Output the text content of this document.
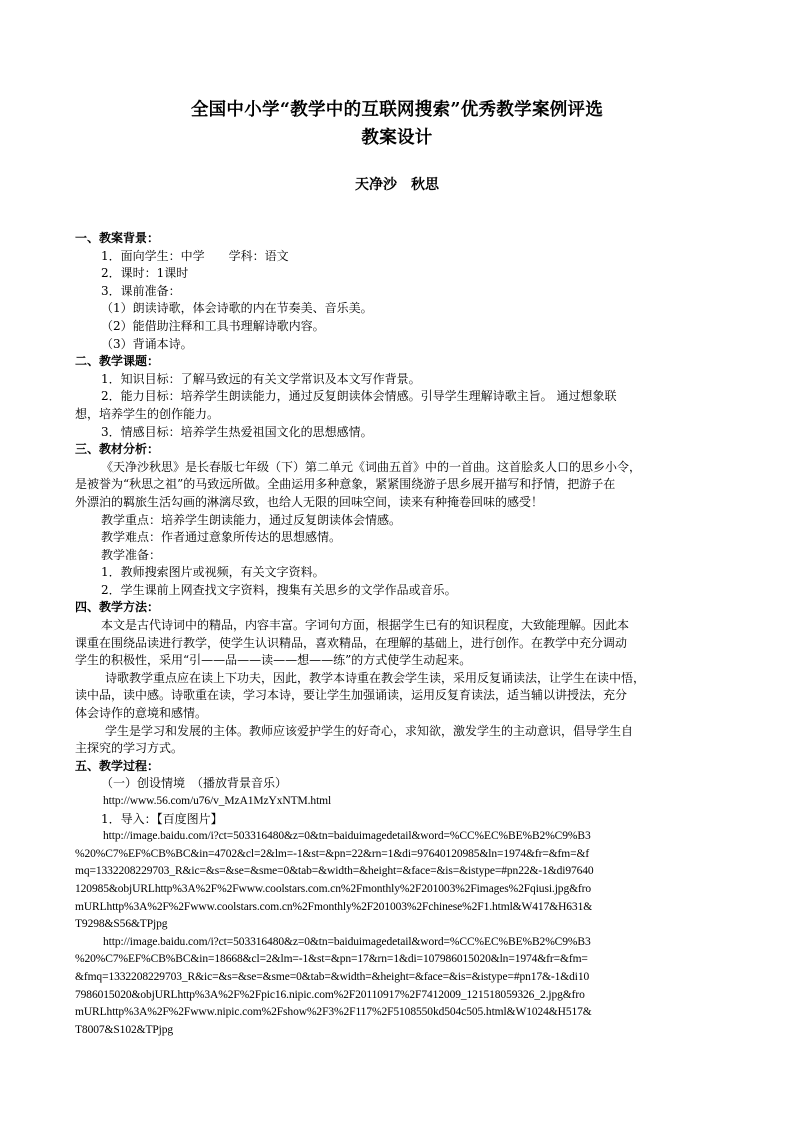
全国中小学“教学中的互联网搜索”优秀教学案例评选
教案设计
天净沙　秋思
一、教案背景：
1．面向学生：中学　　学科：语文
2．课时：1课时
3．课前准备：
（1）朗读诗歌，体会诗歌的内在节奏美、音乐美。
（2）能借助注释和工具书理解诗歌内容。
（3）背诵本诗。
二、教学课题：
1．知识目标：了解马致远的有关文学常识及本文写作背景。
2．能力目标：培养学生朗读能力，通过反复朗读体会情感。引导学生理解诗歌主旨。 通过想象联
想，培养学生的创作能力。
3．情感目标：培养学生热爱祖国文化的思想感情。
三、教材分析：
《天净沙秋思》是长春版七年级（下）第二单元《词曲五首》中的一首曲。这首脍炙人口的思乡小令，
是被誉为“秋思之祖”的马致远所做。全曲运用多种意象，紧紧围绕游子思乡展开描写和抒情，把游子在
外漂泊的羁旅生活勾画的淋漓尽致，也给人无限的回味空间，读来有种掩卷回味的感受！
教学重点：培养学生朗读能力，通过反复朗读体会情感。
教学难点：作者通过意象所传达的思想感情。
教学准备：
1．教师搜索图片或视频，有关文字资料。
2．学生课前上网查找文字资料，搜集有关思乡的文学作品或音乐。
四、教学方法：
本文是古代诗词中的精品，内容丰富。字词句方面，根据学生已有的知识程度，大致能理解。因此本
课重在围绕品读进行教学，使学生认识精品，喜欢精品，在理解的基础上，进行创作。在教学中充分调动
学生的积极性，采用“引——品——读——想——练”的方式使学生动起来。
诗歌教学重点应在读上下功夫，因此，教学本诗重在教会学生读，采用反复诵读法，让学生在读中悟，
读中品，读中感。诗歌重在读，学习本诗，要让学生加强诵读，运用反复育读法，适当辅以讲授法，充分
体会诗作的意境和感情。
学生是学习和发展的主体。教师应该爱护学生的好奇心，求知欲，激发学生的主动意识，倡导学生自
主探究的学习方式。
五、教学过程：
（一）创设情境　（播放背景音乐）
http://www.56.com/u76/v_MzA1MzYxNTM.html
1．导入：【百度图片】
http://image.baidu.com/i?ct=503316480&z=0&tn=baiduimagedetail&word=%CC%EC%BE%B2%C9%B3
%20%C7%EF%CB%BC&in=4702&cl=2&lm=-1&st=&pn=22&rn=1&di=97640120985&ln=1974&fr=&fm=&f
mq=1332208229703_R&ic=&s=&se=&sme=0&tab=&width=&height=&face=&is=&istype=#pn22&-1&di97640
120985&objURLhttp%3A%2F%2Fwww.coolstars.com.cn%2Fmonthly%2F201003%2Fimages%2Fqiusi.jpg&fro
mURLhttp%3A%2F%2Fwww.coolstars.com.cn%2Fmonthly%2F201003%2Fchinese%2F1.html&W417&H631&
T9298&S56&TPjpg
http://image.baidu.com/i?ct=503316480&z=0&tn=baiduimagedetail&word=%CC%EC%BE%B2%C9%B3
%20%C7%EF%CB%BC&in=18668&cl=2&lm=-1&st=&pn=17&rn=1&di=107986015020&ln=1974&fr=&fm=
&fmq=1332208229703_R&ic=&s=&se=&sme=0&tab=&width=&height=&face=&is=&istype=#pn17&-1&di10
7986015020&objURLhttp%3A%2F%2Fpic16.nipic.com%2F20110917%2F7412009_121518059326_2.jpg&fro
mURLhttp%3A%2F%2Fwww.nipic.com%2Fshow%2F3%2F117%2F5108550kd504c505.html&W1024&H517&
T8007&S102&TPjpg
